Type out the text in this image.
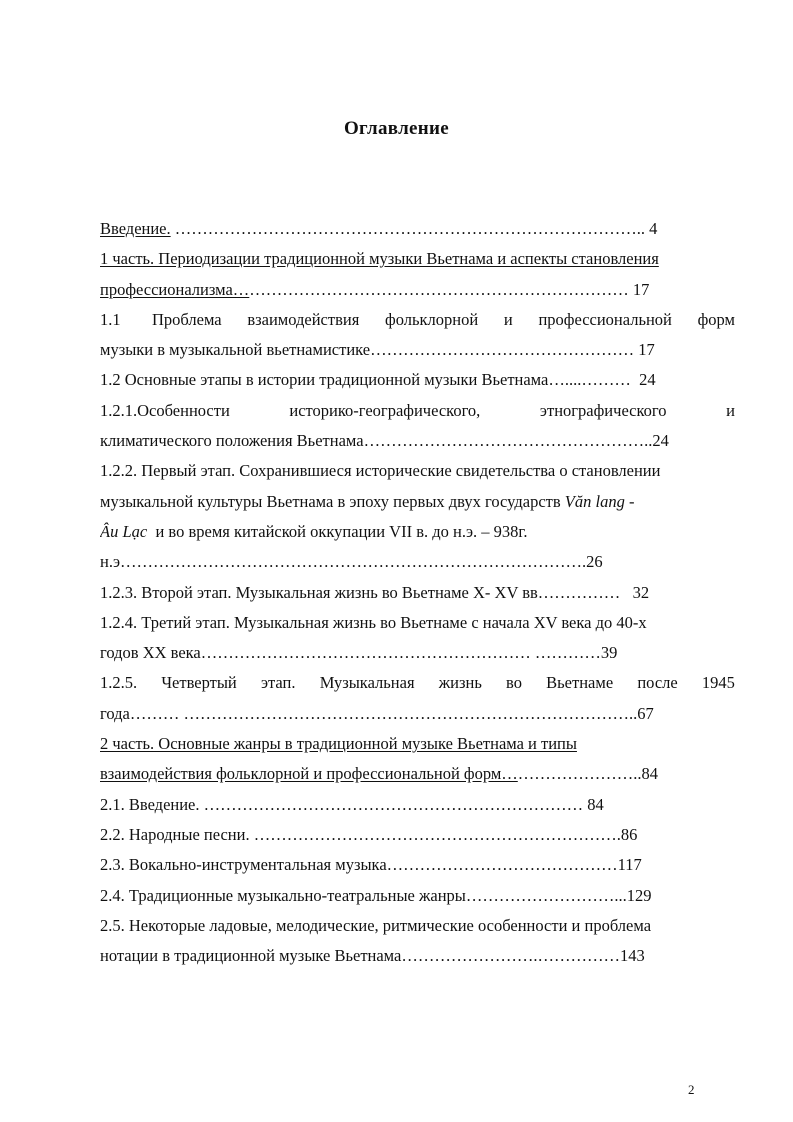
Оглавление
Введение. ………………………………………………………………………….. 4
1 часть. Периодизации традиционной музыки Вьетнама и аспекты становления
профессионализма……………………………………………………………… 17
1.1 Проблема взаимодействия фольклорной и профессиональной форм
музыки в музыкальной вьетнамистике………………………………………… 17
1.2 Основные этапы в истории традиционной музыки Вьетнама…....……… 24
1.2.1.Особенности	историко-географического,	этнографического	и
климатического положения Вьетнама……………………………………………..24
1.2.2. Первый этап. Сохранившиеся исторические свидетельства о становлении
музыкальной культуры Вьетнама в эпоху первых двух государств Văn lang -
Âu Lạc и во время китайской оккупации VII в. до н.э. – 938г.
н.э………………………………………………………………………….26
1.2.3. Второй этап. Музыкальная жизнь во Вьетнаме X- XV вв……………   32
1.2.4. Третий этап. Музыкальная жизнь во Вьетнаме с начала XV века до 40-х
годов XX века…………………………………………………… …………39
1.2.5. Четвертый этап. Музыкальная жизнь во Вьетнаме после 1945
года……… ………………………………………………………………………..67
2 часть. Основные жанры в традиционной музыке Вьетнама и типы
взаимодействия фольклорной и профессиональной форм……………………..84
2.1. Введение. …………………………………………………………… 84
2.2. Народные песни. ………………………………………………………….86
2.3. Вокально-инструментальная музыка……………………………………117
2.4. Традиционные музыкально-театральные жанры………………………...129
2.5. Некоторые ладовые, мелодические, ритмические особенности и проблема
нотации в традиционной музыке Вьетнама…………………….……………143
2
